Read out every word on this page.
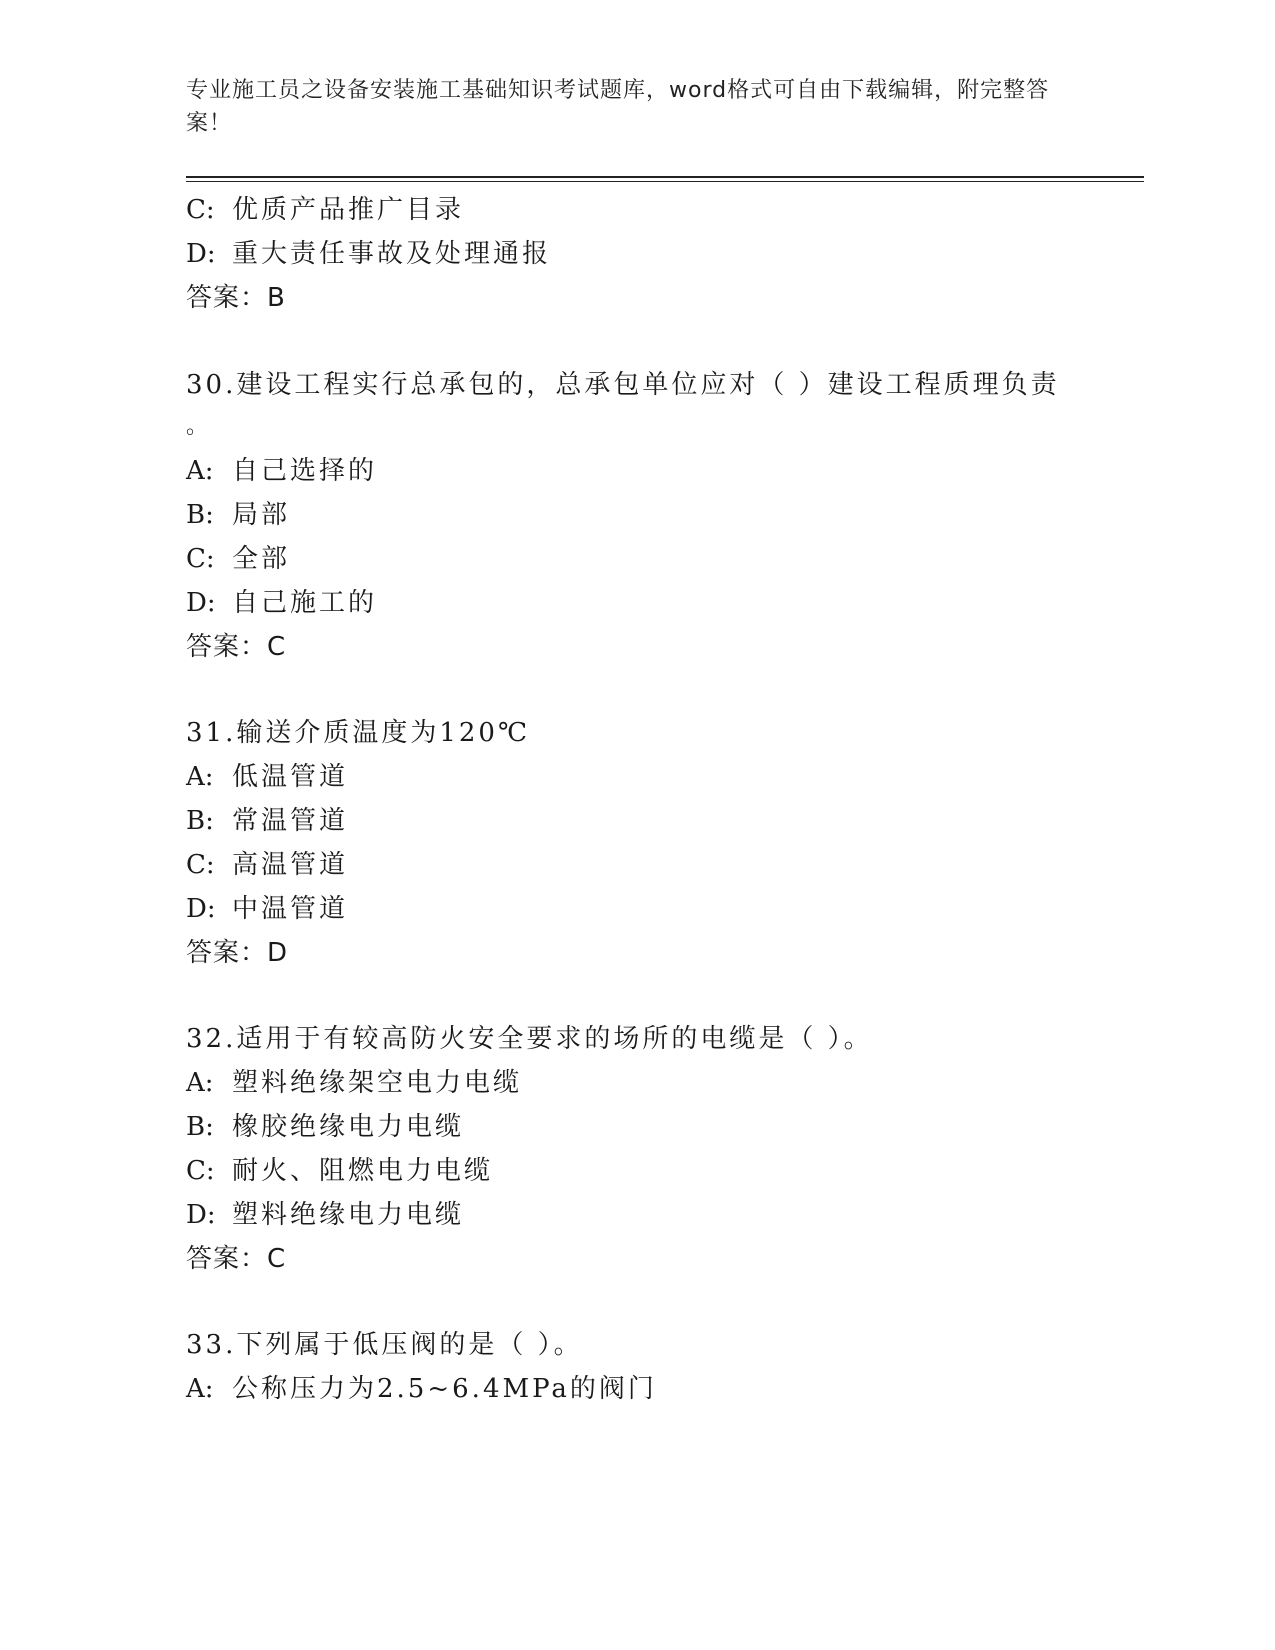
专业施工员之设备安装施工基础知识考试题库，word格式可自由下载编辑，附完整答案！
C: 优质产品推广目录
D: 重大责任事故及处理通报
答案：B
30.建设工程实行总承包的，总承包单位应对（ ）建设工程质理负责
。
A: 自己选择的
B: 局部
C: 全部
D: 自己施工的
答案：C
31.输送介质温度为120℃
A: 低温管道
B: 常温管道
C: 高温管道
D: 中温管道
答案：D
32.适用于有较高防火安全要求的场所的电缆是（ ）。
A: 塑料绝缘架空电力电缆
B: 橡胶绝缘电力电缆
C: 耐火、阻燃电力电缆
D: 塑料绝缘电力电缆
答案：C
33.下列属于低压阀的是（ ）。
A: 公称压力为2.5~6.4MPa的阀门
